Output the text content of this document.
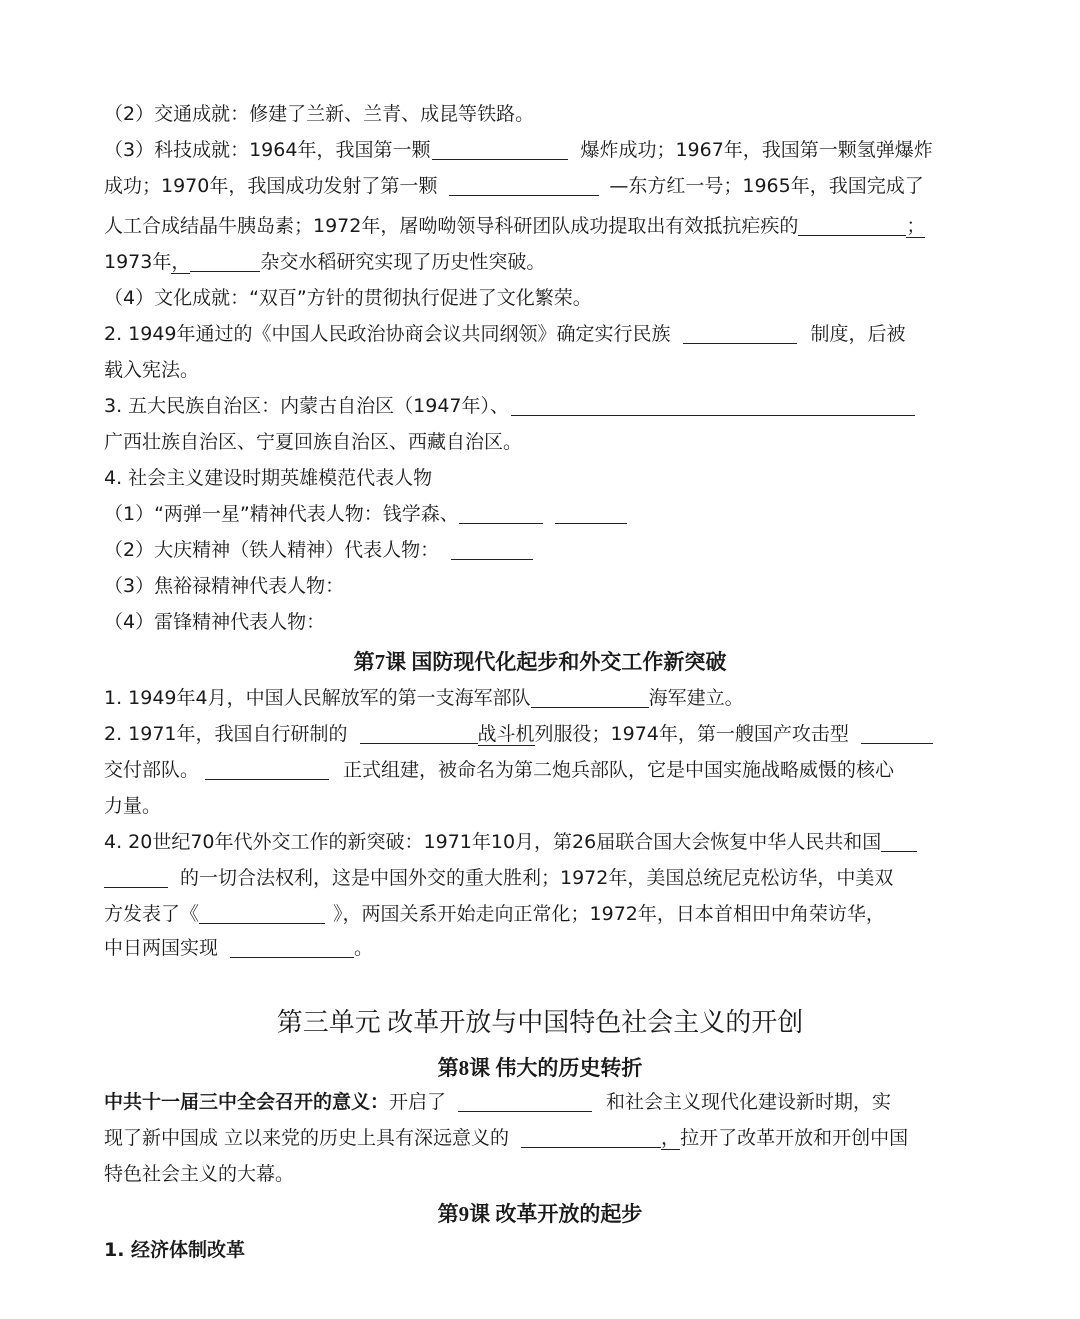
（2）交通成就：修建了兰新、兰青、成昆等铁路。
（3）科技成就：1964年，我国第一颗	爆炸成功；1967年，我国第一颗氢弹爆炸
成功；1970年，我国成功发射了第一颗	—东方红一号；1965年，我国完成了
人工合成结晶牛胰岛素；1972年，屠呦呦领导科研团队成功提取出有效抵抗疟疾的	；
1973年，	杂交水稻研究实现了历史性突破。
（4）文化成就：“双百”方针的贯彻执行促进了文化繁荣。
2. 1949年通过的《中国人民政治协商会议共同纲领》确定实行民族	制度，后被
载入宪法。
3. 五大民族自治区：内蒙古自治区（1947年）、
广西壮族自治区、宁夏回族自治区、西藏自治区。
4. 社会主义建设时期英雄模范代表人物
（1）“两弹一星”精神代表人物：钱学森、
（2）大庆精神（铁人精神）代表人物：
（3）焦裕禄精神代表人物：
（4）雷锋精神代表人物：
第7课 国防现代化起步和外交工作新突破
1. 1949年4月，中国人民解放军的第一支海军部队	海军建立。
2. 1971年，我国自行研制的	战斗机列服役；1974年，第一艘国产攻击型
交付部队。	正式组建，被命名为第二炮兵部队，它是中国实施战略威慑的核心
力量。
4. 20世纪70年代外交工作的新突破：1971年10月，第26届联合国大会恢复中华人民共和国
的一切合法权利，这是中国外交的重大胜利；1972年，美国总统尼克松访华，中美双
方发表了《	》，两国关系开始走向正常化；1972年，日本首相田中角荣访华，
中日两国实现	。
第三单元 改革开放与中国特色社会主义的开创
第8课 伟大的历史转折
中共十一届三中全会召开的意义：开启了	和社会主义现代化建设新时期，实
现了新中国成 立以来党的历史上具有深远意义的	，拉开了改革开放和开创中国
特色社会主义的大幕。
第9课 改革开放的起步
1. 经济体制改革
